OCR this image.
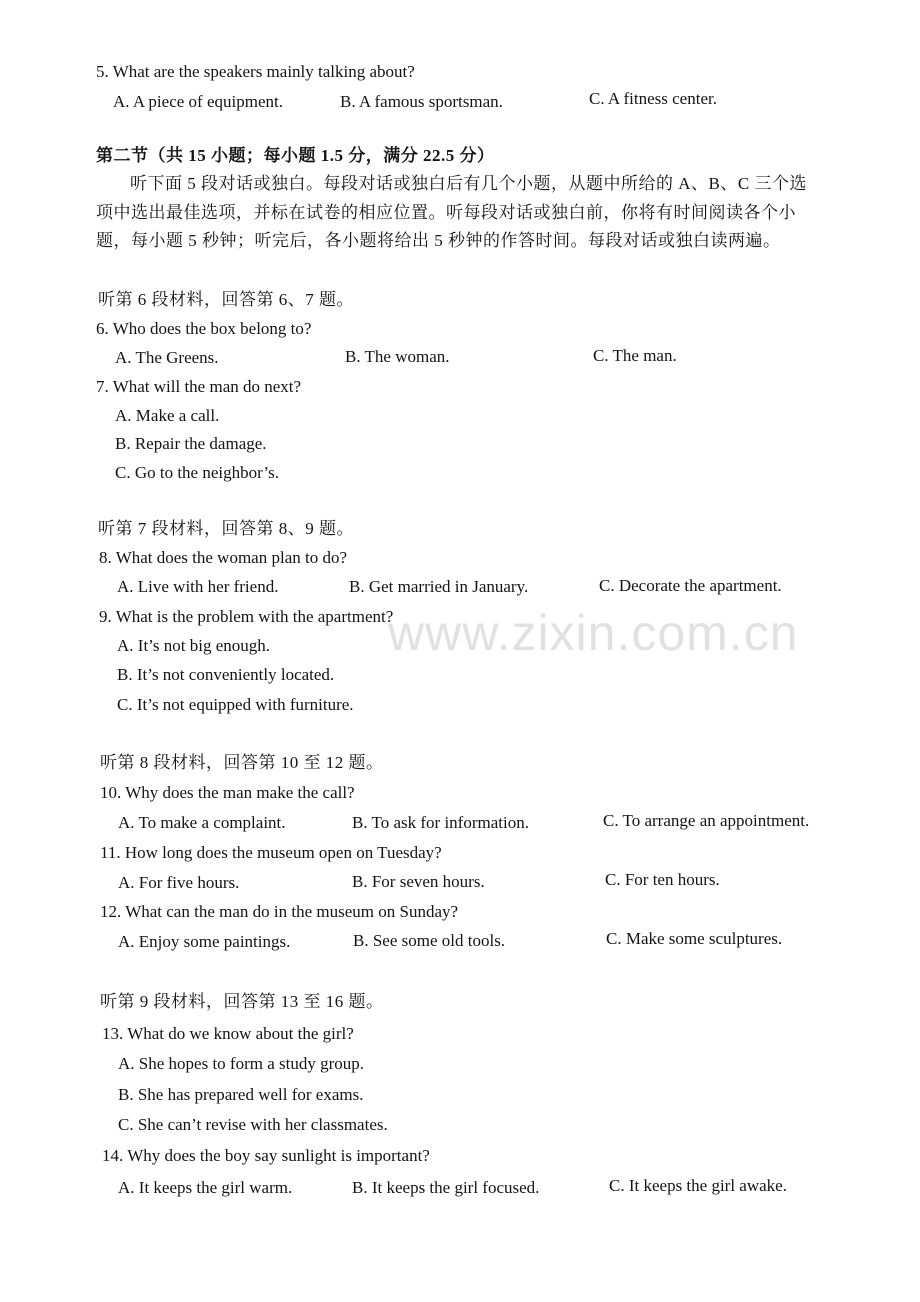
5. What are the speakers mainly talking about?
A. A piece of equipment.	B. A famous sportsman.	C. A fitness center.
第二节（共 15 小题；每小题 1.5 分，满分 22.5 分）
听下面 5 段对话或独白。每段对话或独白后有几个小题，从题中所给的 A、B、C 三个选
项中选出最佳选项，并标在试卷的相应位置。听每段对话或独白前，你将有时间阅读各个小
题，每小题 5 秒钟；听完后，各小题将给出 5 秒钟的作答时间。每段对话或独白读两遍。
听第 6 段材料，回答第 6、7 题。
6. Who does the box belong to?
A. The Greens.	B. The woman.	C. The man.
7. What will the man do next?
A. Make a call.
B. Repair the damage.
C. Go to the neighbor’s.
听第 7 段材料，回答第 8、9 题。
8. What does the woman plan to do?
A. Live with her friend.	B. Get married in January.	C. Decorate the apartment.
9. What is the problem with the apartment?
A. It’s not big enough.
B. It’s not conveniently located.
C. It’s not equipped with furniture.
听第 8 段材料，回答第 10 至 12 题。
10. Why does the man make the call?
A. To make a complaint.	B. To ask for information.	C. To arrange an appointment.
11. How long does the museum open on Tuesday?
A. For five hours.	B. For seven hours.	C. For ten hours.
12. What can the man do in the museum on Sunday?
A. Enjoy some paintings.	B. See some old tools.	C. Make some sculptures.
听第 9 段材料，回答第 13 至 16 题。
13. What do we know about the girl?
A. She hopes to form a study group.
B. She has prepared well for exams.
C. She can’t revise with her classmates.
14. Why does the boy say sunlight is important?
A. It keeps the girl warm.	B. It keeps the girl focused.	C. It keeps the girl awake.
www.zixin.com.cn
